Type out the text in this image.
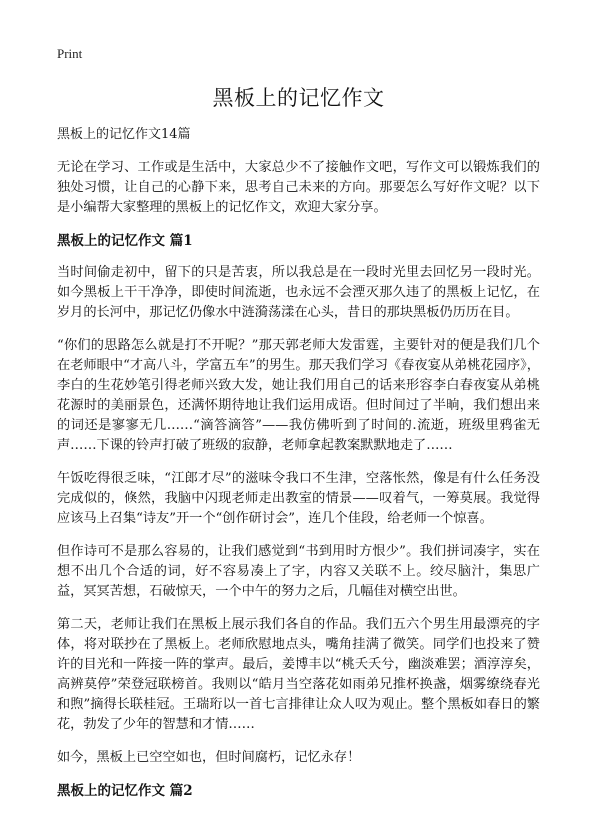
Print
黑板上的记忆作文
黑板上的记忆作文14篇

无论在学习、工作或是生活中，大家总少不了接触作文吧，写作文可以锻炼我们的独处习惯，让自己的心静下来，思考自己未来的方向。那要怎么写好作文呢？以下是小编帮大家整理的黑板上的记忆作文，欢迎大家分享。

黑板上的记忆作文 篇1

当时间偷走初中，留下的只是苦衷，所以我总是在一段时光里去回忆另一段时光。如今黑板上干干净净，即使时间流逝，也永远不会湮灭那久违了的黑板上记忆，在岁月的长河中，那记忆仍像水中涟漪荡漾在心头，昔日的那块黑板仍历历在目。

“你们的思路怎么就是打不开呢？”那天郭老师大发雷霆，主要针对的便是我们几个在老师眼中“才高八斗，学富五车”的男生。那天我们学习《春夜宴从弟桃花园序》，李白的生花妙笔引得老师兴致大发，她让我们用自己的话来形容李白春夜宴从弟桃花源时的美丽景色，还满怀期待地让我们运用成语。但时间过了半晌，我们想出来的词还是寥寥无几……“滴答滴答”——我仿佛听到了时间的.流逝，班级里鸦雀无声……下课的铃声打破了班级的寂静，老师拿起教案默默地走了……

午饭吃得很乏味，“江郎才尽”的滋味令我口不生津，空落怅然，像是有什么任务没完成似的，倏然，我脑中闪现老师走出教室的情景——叹着气，一筹莫展。我觉得应该马上召集“诗友”开一个“创作研讨会”，连几个佳段，给老师一个惊喜。

但作诗可不是那么容易的，让我们感觉到“书到用时方恨少”。我们拼词凑字，实在想不出几个合适的词，好不容易凑上了字，内容又关联不上。绞尽脑汁，集思广益，冥冥苦想，石破惊天，一个中午的努力之后，几幅佳对横空出世。

第二天，老师让我们在黑板上展示我们各自的作品。我们五六个男生用最漂亮的字体，将对联抄在了黑板上。老师欣慰地点头，嘴角挂满了微笑。同学们也投来了赞许的目光和一阵接一阵的掌声。最后，姜博丰以“桃夭夭兮，幽淡难罢；酒淳淳矣，高辨莫停”荣登冠联榜首。我则以“皓月当空落花如雨弟兄推杯换盏，烟雾缭绕春光和煦”摘得长联桂冠。王瑞珩以一首七言排律让众人叹为观止。整个黑板如春日的繁花，勃发了少年的智慧和才情……

如今，黑板上已空空如也，但时间腐朽，记忆永存！

黑板上的记忆作文 篇2
